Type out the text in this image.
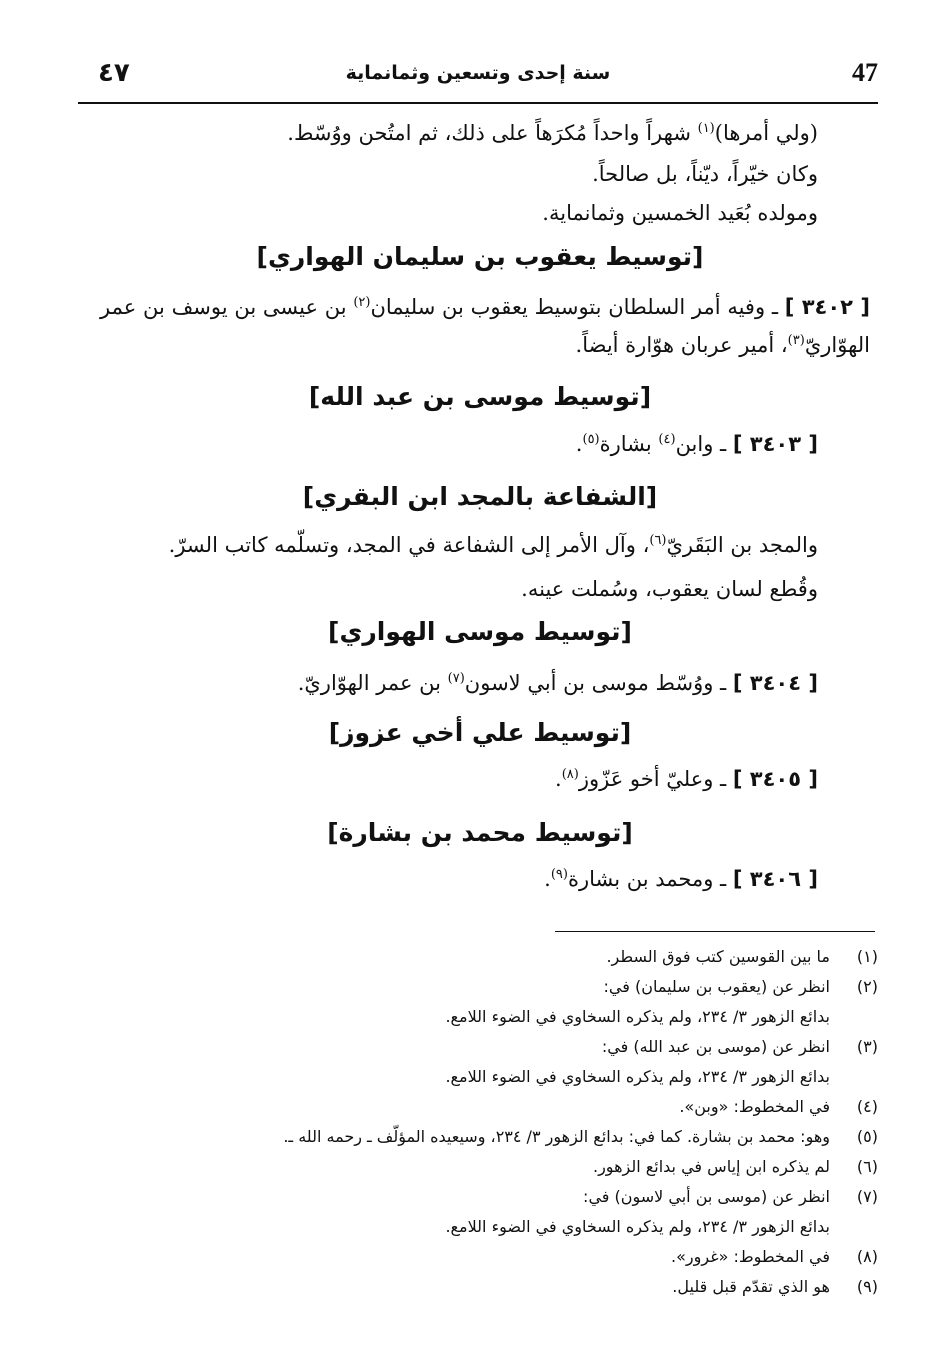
٤٧	سنة إحدى وتسعين وثمانماية	47
(ولي أمرها)$^{(١)}$ شهراً واحداً مُكرَهاً على ذلك، ثم امتُحن ووُسّط.
وكان خيّراً، ديّناً، بل صالحاً.
ومولده بُعَيد الخمسين وثمانماية.
[توسيط يعقوب بن سليمان الهواري]
[ ٣٤٠٢ ] ـ وفيه أمر السلطان بتوسيط يعقوب بن سليمان$^{(٢)}$ بن عيسى بن يوسف بن عمر الهوّاريّ$^{(٣)}$، أمير عربان هوّارة أيضاً.
[توسيط موسى بن عبد الله]
[ ٣٤٠٣ ] ـ وابن$^{(٤)}$ بشارة$^{(٥)}$.
[الشفاعة بالمجد ابن البقري]
والمجد بن البَقَريّ$^{(٦)}$، وآل الأمر إلى الشفاعة في المجد، وتسلّمه كاتب السرّ.
وقُطع لسان يعقوب، وسُملت عينه.
[توسيط موسى الهواري]
[ ٣٤٠٤ ] ـ ووُسّط موسى بن أبي لاسون$^{(٧)}$ بن عمر الهوّاريّ.
[توسيط علي أخي عزوز]
[ ٣٤٠٥ ] ـ وعليّ أخو عَزّوز$^{(٨)}$.
[توسيط محمد بن بشارة]
[ ٣٤٠٦ ] ـ ومحمد بن بشارة$^{(٩)}$.
(١)
ما بين القوسين كتب فوق السطر.
(٢)
انظر عن (يعقوب بن سليمان) في:
بدائع الزهور ٣/ ٢٣٤، ولم يذكره السخاوي في الضوء اللامع.
(٣)
انظر عن (موسى بن عبد الله) في:
بدائع الزهور ٣/ ٢٣٤، ولم يذكره السخاوي في الضوء اللامع.
(٤)
في المخطوط: «وبن».
(٥)
وهو: محمد بن بشارة. كما في: بدائع الزهور ٣/ ٢٣٤، وسيعيده المؤلّف ـ رحمه الله ـ.
(٦)
لم يذكره ابن إياس في بدائع الزهور.
(٧)
انظر عن (موسى بن أبي لاسون) في:
بدائع الزهور ٣/ ٢٣٤، ولم يذكره السخاوي في الضوء اللامع.
(٨)
في المخطوط: «غرور».
(٩)
هو الذي تقدّم قبل قليل.
